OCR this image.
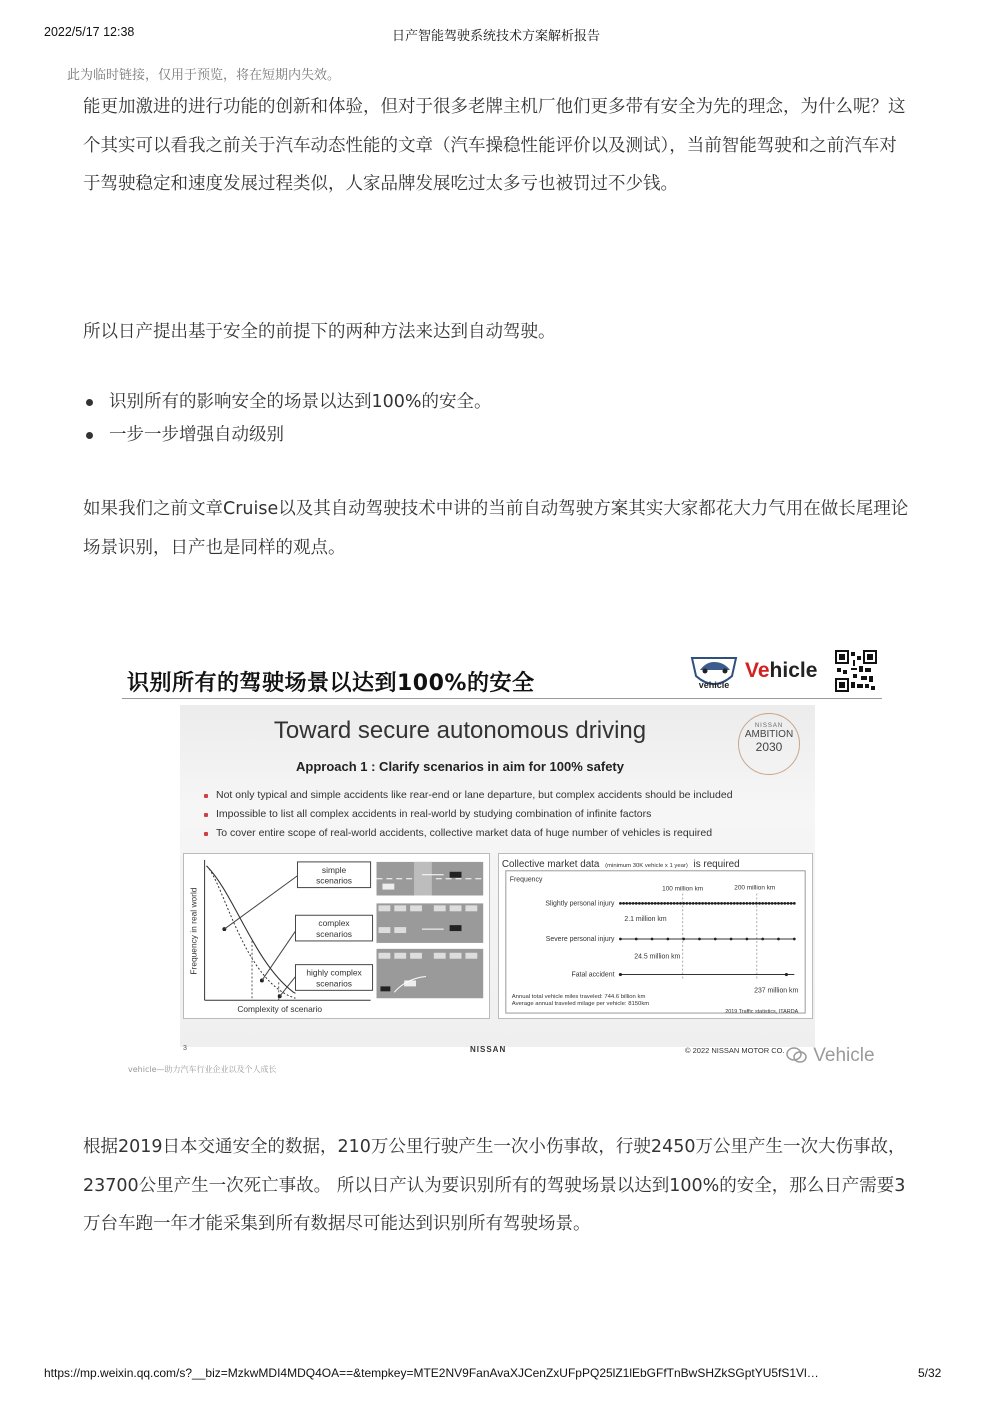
2022/5/17 12:38	日产智能驾驶系统技术方案解析报告
此为临时链接，仅用于预览，将在短期内失效。

能更加激进的进行功能的创新和体验，但对于很多老牌主机厂他们更多带有安全为先的理念，为什么呢？这个其实可以看我之前关于汽车动态性能的文章（汽车操稳性能评价以及测试），当前智能驾驶和之前汽车对于驾驶稳定和速度发展过程类似，人家品牌发展吃过太多亏也被罚过不少钱。

所以日产提出基于安全的前提下的两种方法来达到自动驾驶。

识别所有的影响安全的场景以达到100%的安全。
一步一步增强自动级别

如果我们之前文章Cruise以及其自动驾驶技术中讲的当前自动驾驶方案其实大家都花大力气用在做长尾理论场景识别，日产也是同样的观点。

识别所有的驾驶场景以达到100%的安全	vehicle
Vehicle
Toward secure autonomous driving	NISSAN
AMBITION
2030
Approach 1 : Clarify scenarios in aim for 100% safety
Not only typical and simple accidents like rear-end or lane departure, but complex accidents should be included
Impossible to list all complex accidents in real-world by studying combination of infinite factors
To cover entire scope of real-world accidents, collective market data of huge number of vehicles is required
Frequency in real world
Complexity of scenario
simple
scenarios
complex
scenarios
highly complex
scenarios
Collective market data (minimum 30K vehicle x 1 year) is required
Frequency
100 million km	200 million km
Slightly personal injury
2.1 million km
Severe personal injury
24.5 million km
Fatal accident
237 million km
Annual total vehicle miles traveled: 744.6 billion km
Average annual traveled milage per vehicle: 8150km
2019 Traffic statistics, ITARDA
3	NISSAN	© 2022 NISSAN MOTOR CO.
vehicle—助力汽车行业企业以及个人成长
Vehicle

根据2019日本交通安全的数据，210万公里行驶产生一次小伤事故，行驶2450万公里产生一次大伤事故，23700公里产生一次死亡事故。 所以日产认为要识别所有的驾驶场景以达到100%的安全，那么日产需要3万台车跑一年才能采集到所有数据尽可能达到识别所有驾驶场景。

https://mp.weixin.qq.com/s?__biz=MzkwMDI4MDQ4OA==&tempkey=MTE2NV9FanAvaXJCenZxUFpPQ25lZ1lEbGFfTnBwSHZkSGptYU5fS1Vl…	5/32
